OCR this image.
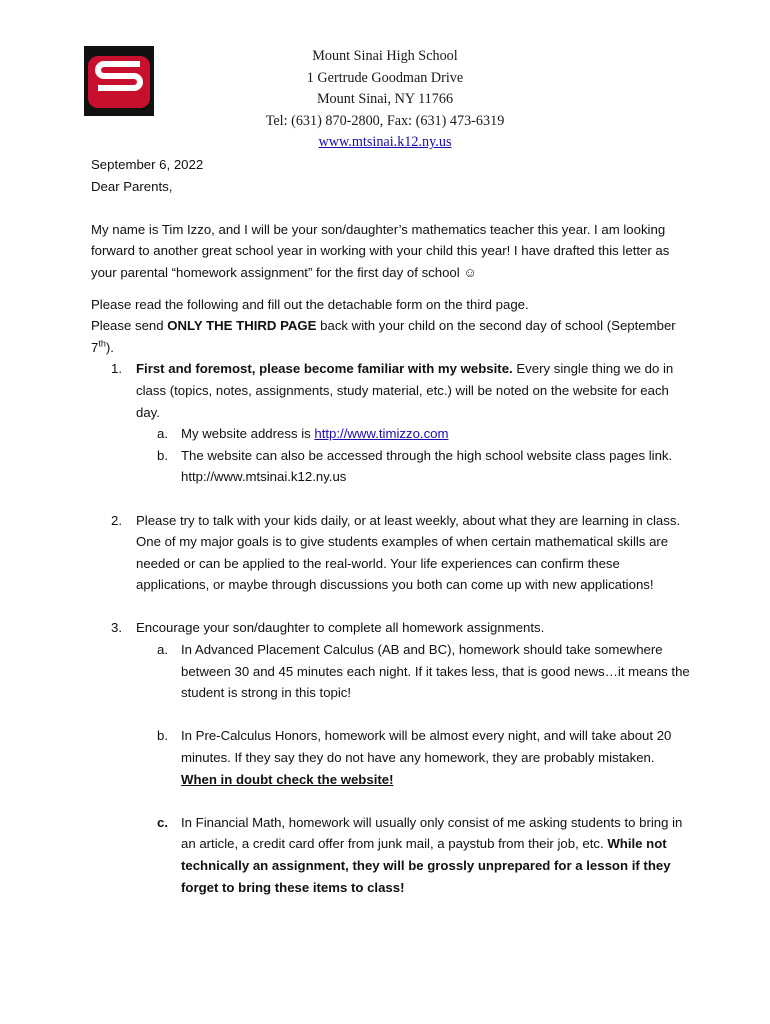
Mount Sinai High School
1 Gertrude Goodman Drive
Mount Sinai, NY 11766
Tel: (631) 870-2800, Fax: (631) 473-6319
www.mtsinai.k12.ny.us
September 6, 2022
Dear Parents,
My name is Tim Izzo, and I will be your son/daughter’s mathematics teacher this year. I am looking forward to another great school year in working with your child this year! I have drafted this letter as your parental “homework assignment” for the first day of school ☺
Please read the following and fill out the detachable form on the third page.
Please send ONLY THE THIRD PAGE back with your child on the second day of school (September 7th).
1. First and foremost, please become familiar with my website. Every single thing we do in class (topics, notes, assignments, study material, etc.) will be noted on the website for each day.
a. My website address is http://www.timizzo.com
b. The website can also be accessed through the high school website class pages link. http://www.mtsinai.k12.ny.us
2. Please try to talk with your kids daily, or at least weekly, about what they are learning in class. One of my major goals is to give students examples of when certain mathematical skills are needed or can be applied to the real-world. Your life experiences can confirm these applications, or maybe through discussions you both can come up with new applications!
3. Encourage your son/daughter to complete all homework assignments.
a. In Advanced Placement Calculus (AB and BC), homework should take somewhere between 30 and 45 minutes each night. If it takes less, that is good news…it means the student is strong in this topic!
b. In Pre-Calculus Honors, homework will be almost every night, and will take about 20 minutes. If they say they do not have any homework, they are probably mistaken. When in doubt check the website!
c. In Financial Math, homework will usually only consist of me asking students to bring in an article, a credit card offer from junk mail, a paystub from their job, etc. While not technically an assignment, they will be grossly unprepared for a lesson if they forget to bring these items to class!
